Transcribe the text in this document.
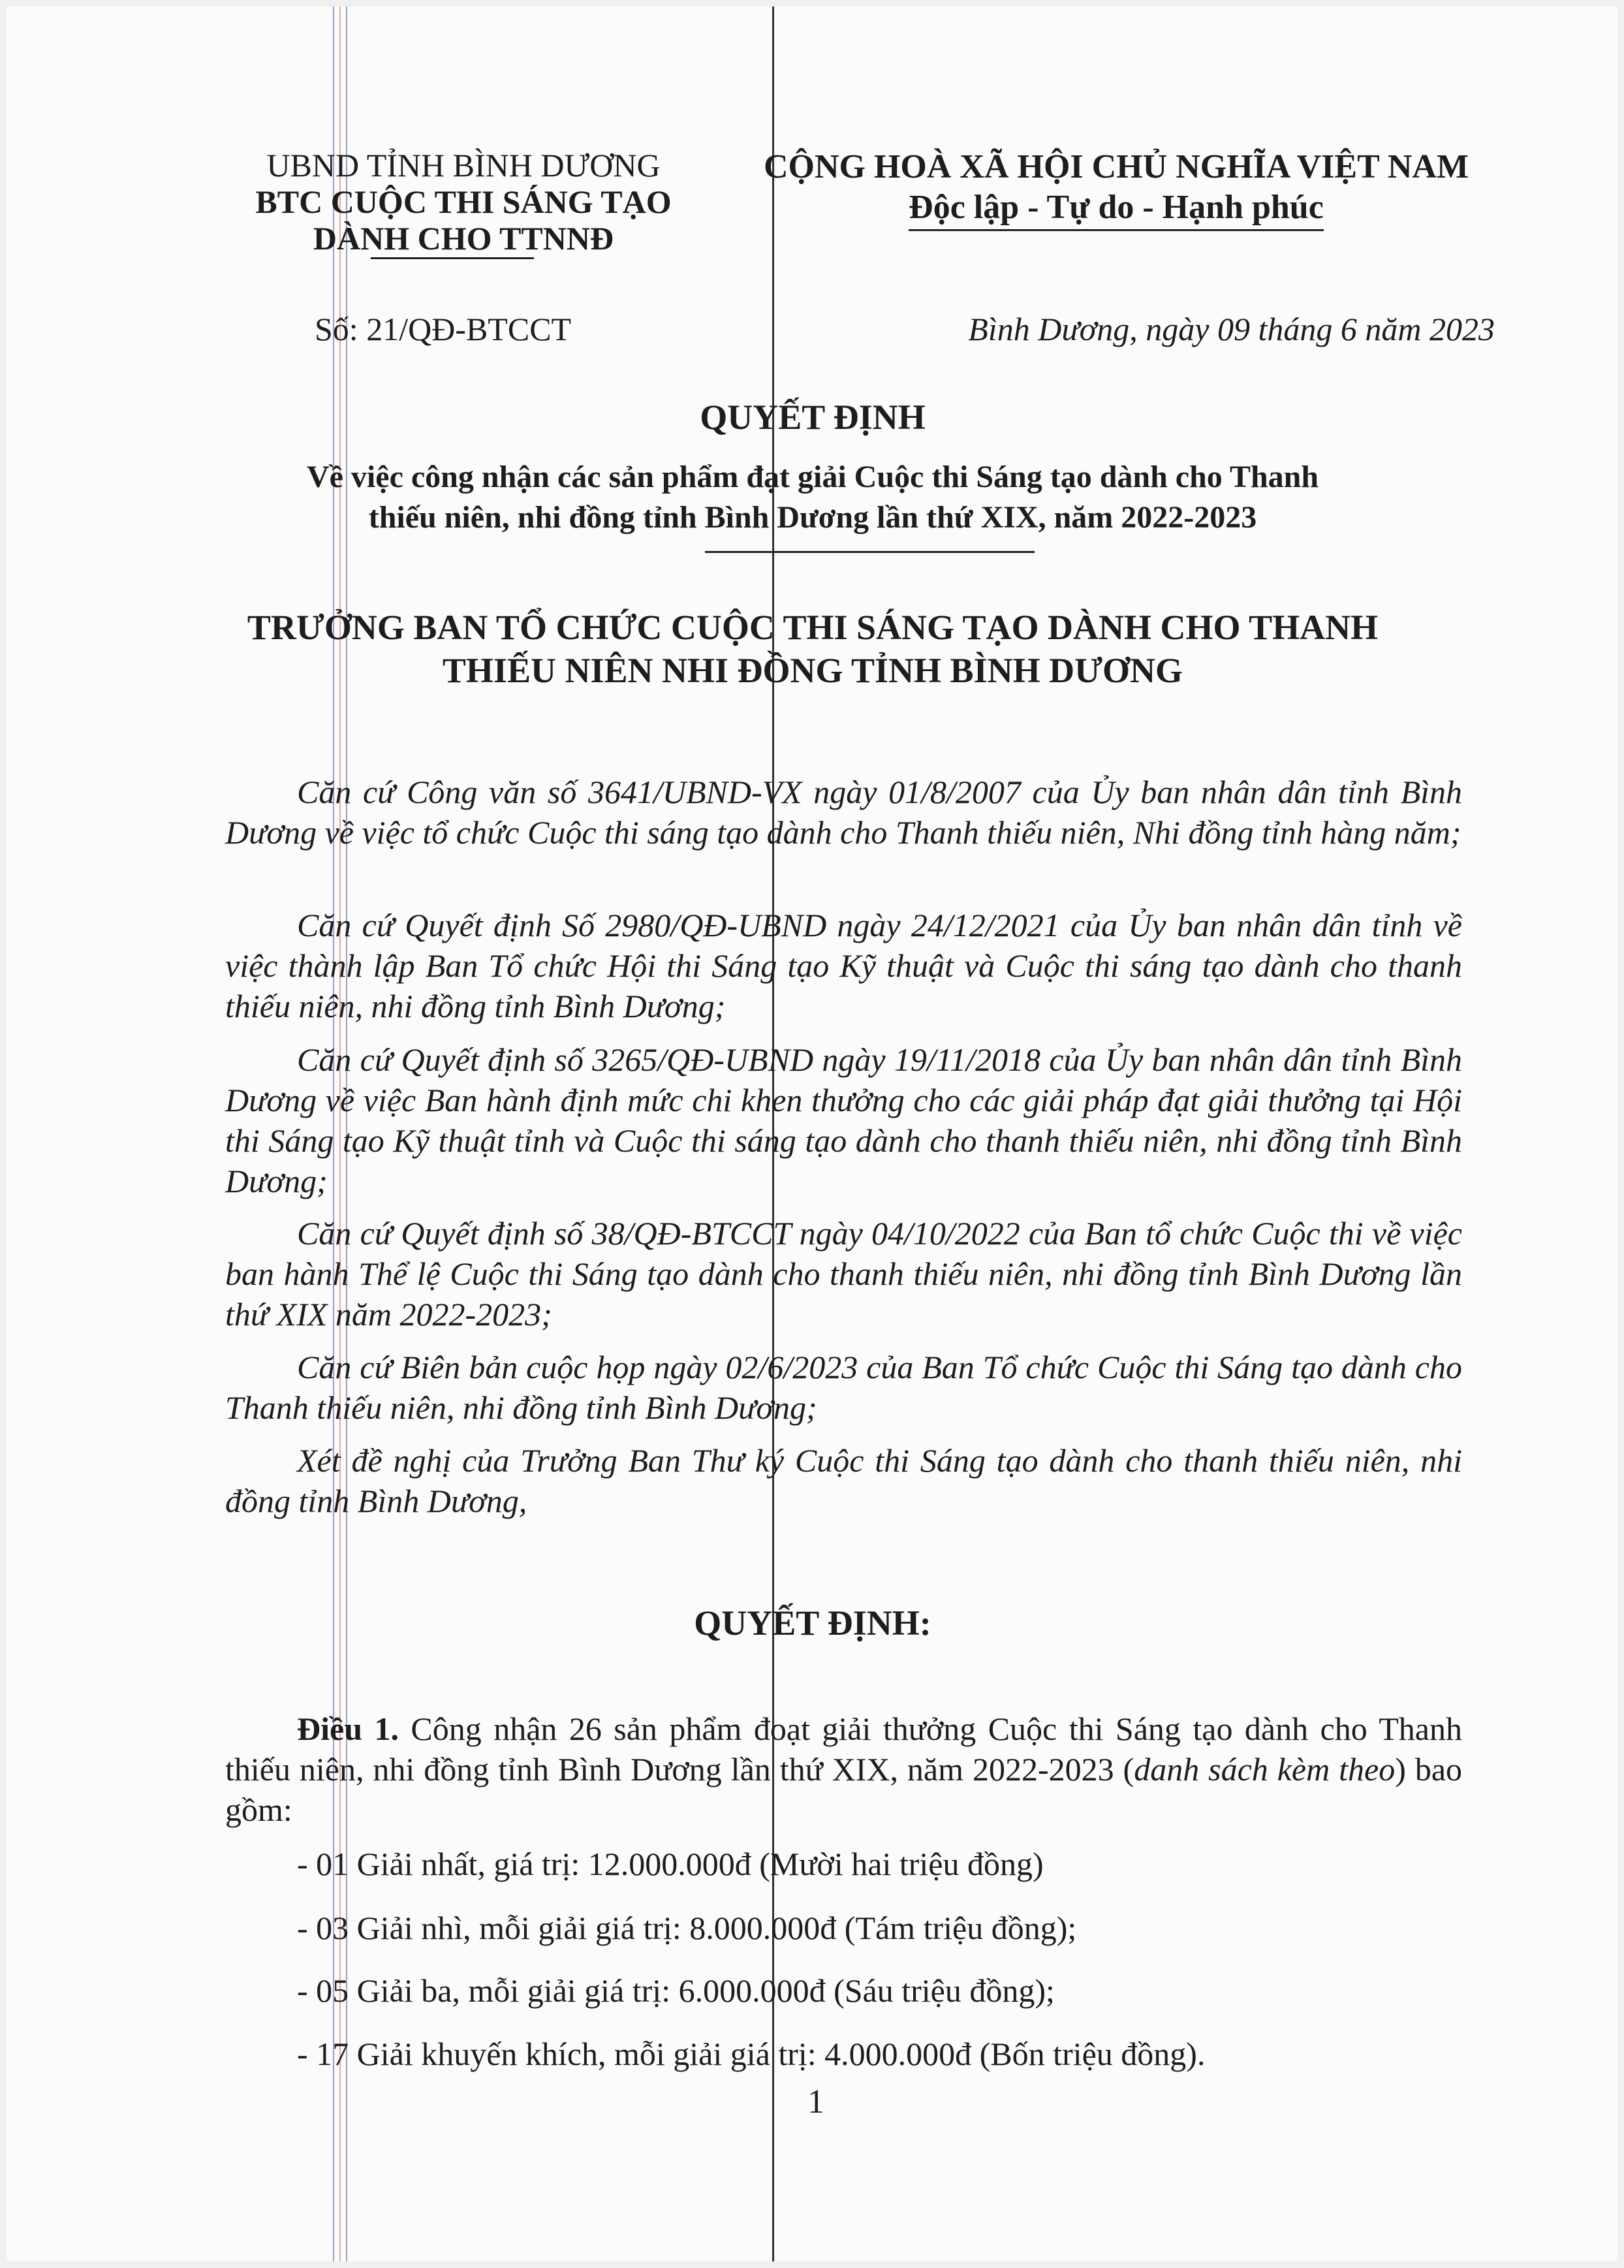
UBND TỈNH BÌNH DƯƠNG
BTC CUỘC THI SÁNG TẠO
DÀNH CHO TTNNĐ
CỘNG HOÀ XÃ HỘI CHỦ NGHĨA VIỆT NAM
Độc lập - Tự do - Hạnh phúc
Số: 21/QĐ-BTCCT	Bình Dương, ngày 09 tháng 6 năm 2023
QUYẾT ĐỊNH
Về việc công nhận các sản phẩm đạt giải Cuộc thi Sáng tạo dành cho Thanh
thiếu niên, nhi đồng tỉnh Bình Dương lần thứ XIX, năm 2022-2023
TRƯỞNG BAN TỔ CHỨC CUỘC THI SÁNG TẠO DÀNH CHO THANH
THIẾU NIÊN NHI ĐỒNG TỈNH BÌNH DƯƠNG

Căn cứ Công văn số 3641/UBND-VX ngày 01/8/2007 của Ủy ban nhân dân tỉnh Bình Dương về việc tổ chức Cuộc thi sáng tạo dành cho Thanh thiếu niên, Nhi đồng tỉnh hàng năm;

Căn cứ Quyết định Số 2980/QĐ-UBND ngày 24/12/2021 của Ủy ban nhân dân tỉnh về việc thành lập Ban Tổ chức Hội thi Sáng tạo Kỹ thuật và Cuộc thi sáng tạo dành cho thanh thiếu niên, nhi đồng tỉnh Bình Dương;

Căn cứ Quyết định số 3265/QĐ-UBND ngày 19/11/2018 của Ủy ban nhân dân tỉnh Bình Dương về việc Ban hành định mức chi khen thưởng cho các giải pháp đạt giải thưởng tại Hội thi Sáng tạo Kỹ thuật tỉnh và Cuộc thi sáng tạo dành cho thanh thiếu niên, nhi đồng tỉnh Bình Dương;

Căn cứ Quyết định số 38/QĐ-BTCCT ngày 04/10/2022 của Ban tổ chức Cuộc thi về việc ban hành Thể lệ Cuộc thi Sáng tạo dành cho thanh thiếu niên, nhi đồng tỉnh Bình Dương lần thứ XIX năm 2022-2023;

Căn cứ Biên bản cuộc họp ngày 02/6/2023 của Ban Tổ chức Cuộc thi Sáng tạo dành cho Thanh thiếu niên, nhi đồng tỉnh Bình Dương;

Xét đề nghị của Trưởng Ban Thư ký Cuộc thi Sáng tạo dành cho thanh thiếu niên, nhi đồng tỉnh Bình Dương,

QUYẾT ĐỊNH:

Điều 1. Công nhận 26 sản phẩm đoạt giải thưởng Cuộc thi Sáng tạo dành cho Thanh thiếu niên, nhi đồng tỉnh Bình Dương lần thứ XIX, năm 2022-2023 (danh sách kèm theo) bao gồm:

- 01 Giải nhất, giá trị: 12.000.000đ (Mười hai triệu đồng)

- 03 Giải nhì, mỗi giải giá trị: 8.000.000đ (Tám triệu đồng);

- 05 Giải ba, mỗi giải giá trị: 6.000.000đ (Sáu triệu đồng);

- 17 Giải khuyến khích, mỗi giải giá trị: 4.000.000đ (Bốn triệu đồng).

1
